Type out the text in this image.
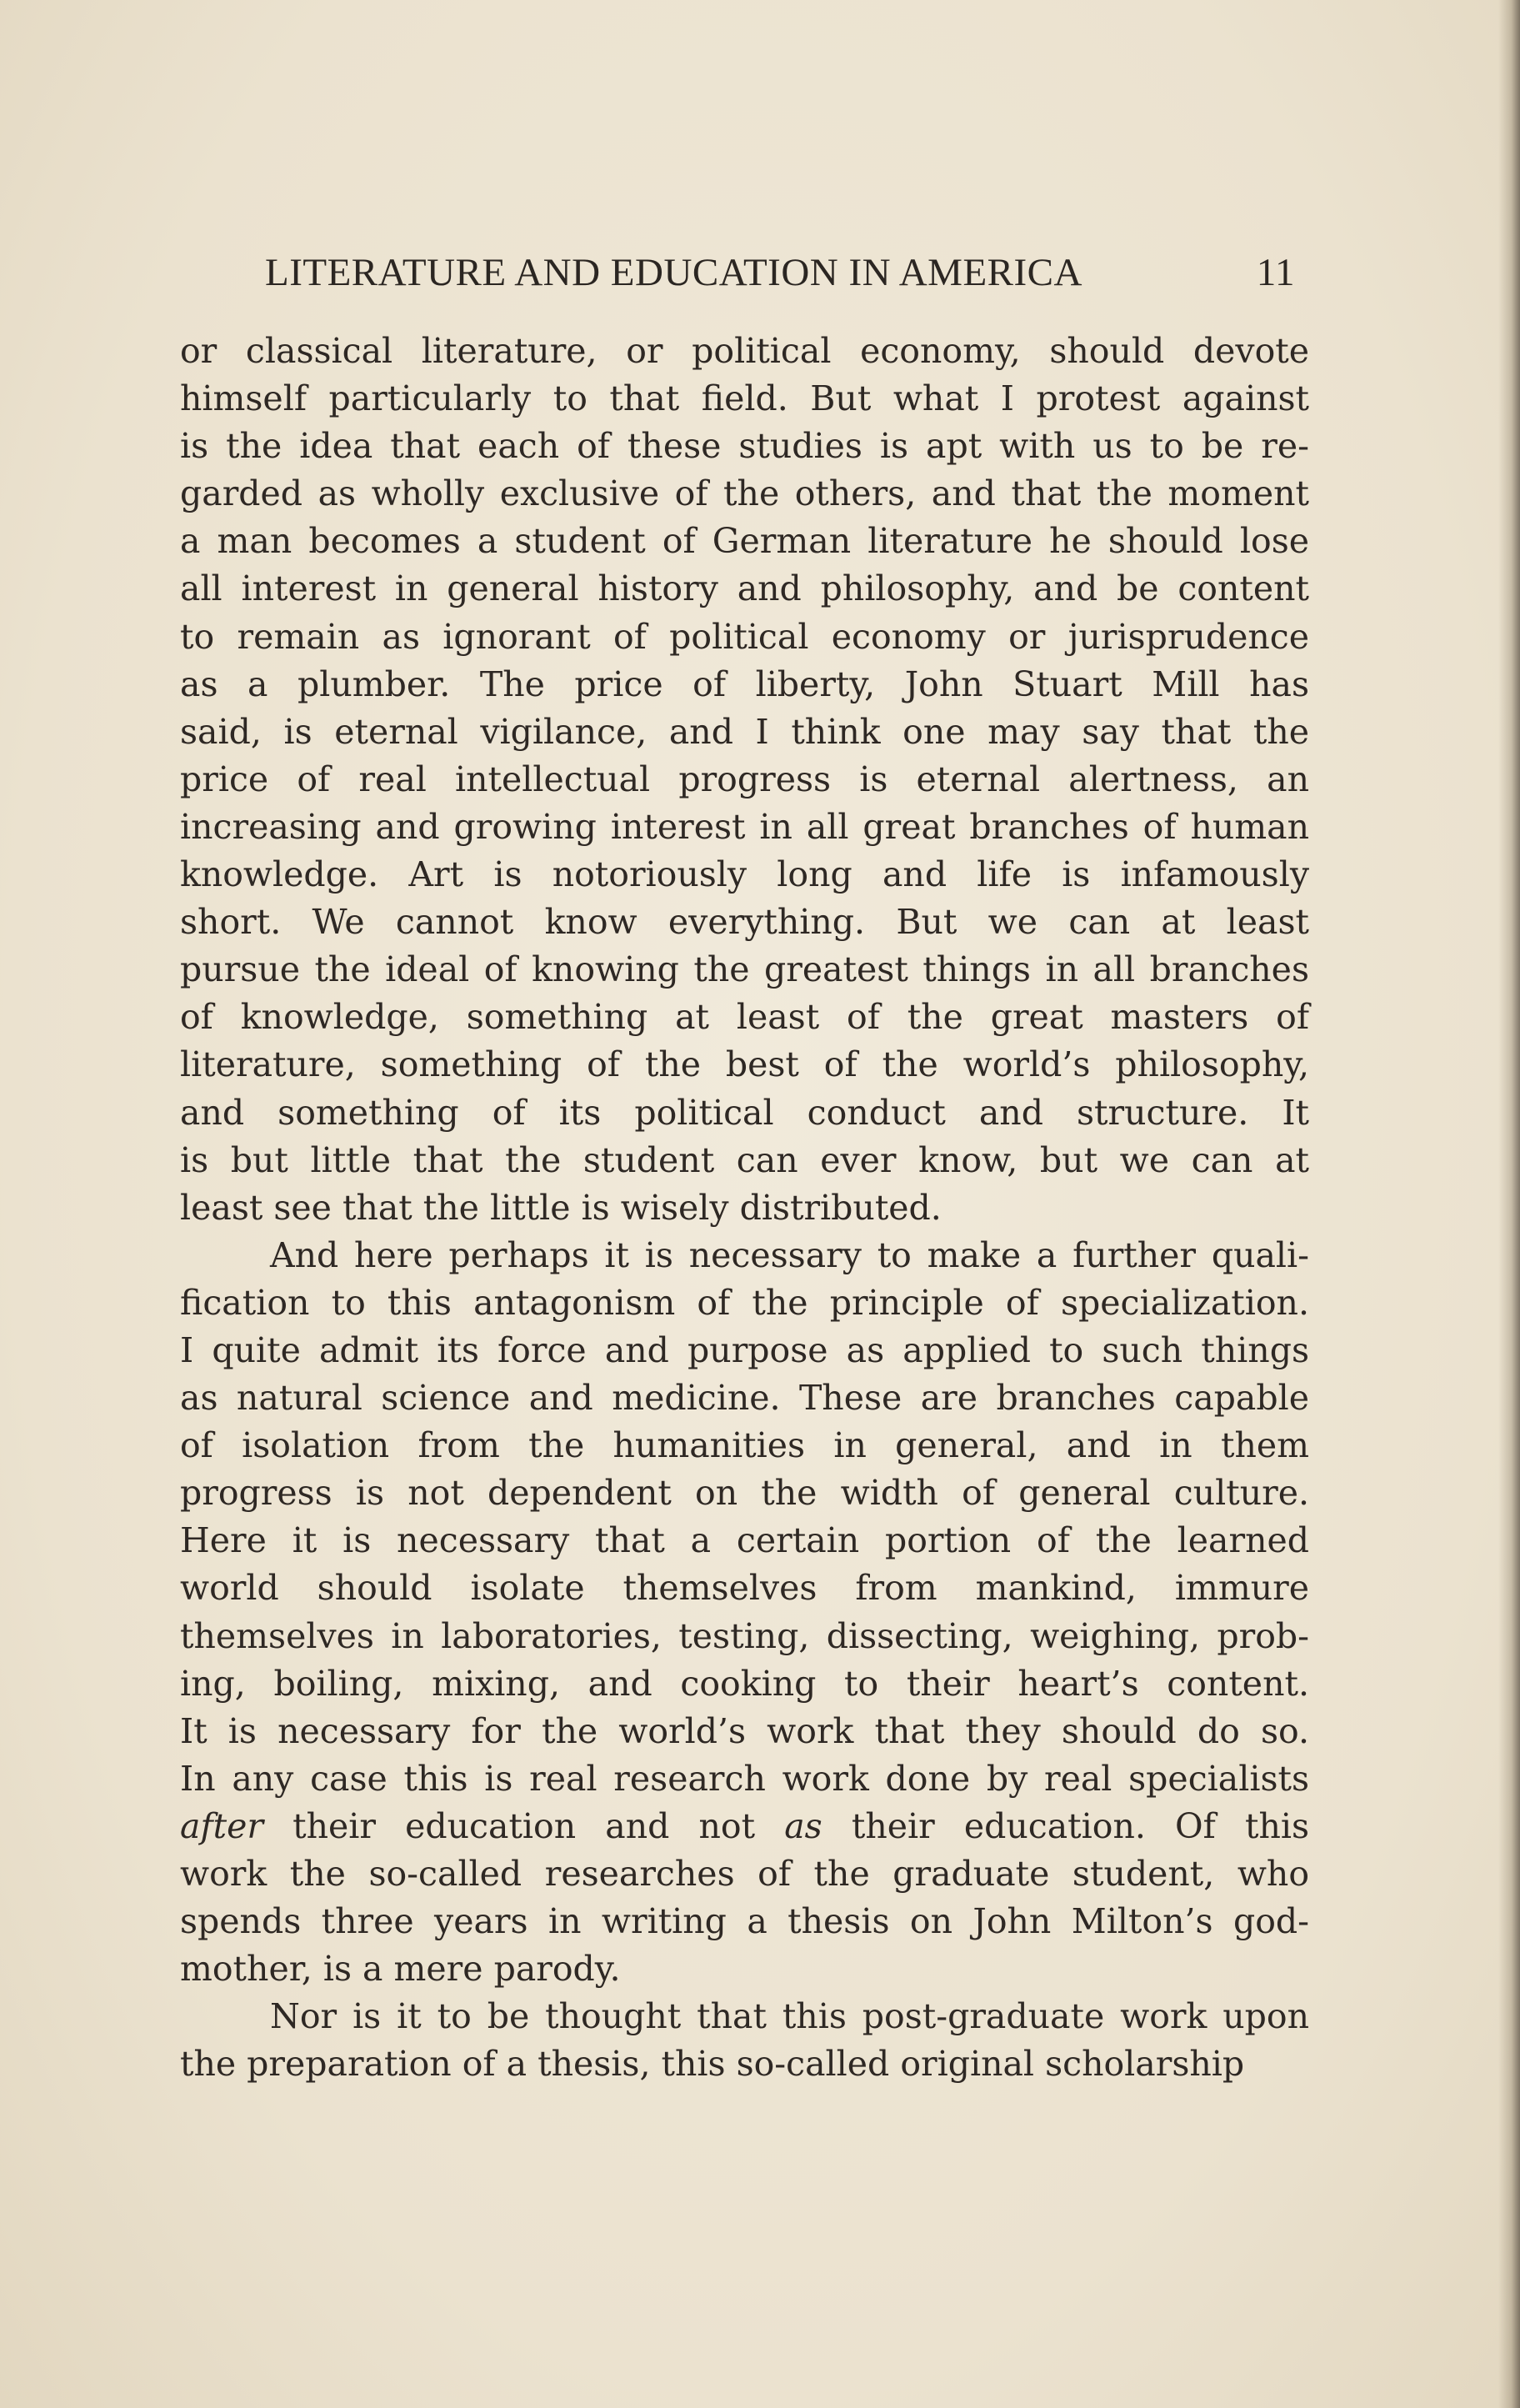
LITERATURE AND EDUCATION IN AMERICA	11
or classical literature, or political economy, should devote
himself particularly to that field. But what I protest against
is the idea that each of these studies is apt with us to be re-
garded as wholly exclusive of the others, and that the moment
a man becomes a student of German literature he should lose
all interest in general history and philosophy, and be content
to remain as ignorant of political economy or jurisprudence
as a plumber. The price of liberty, John Stuart Mill has
said, is eternal vigilance, and I think one may say that the
price of real intellectual progress is eternal alertness, an
increasing and growing interest in all great branches of human
knowledge. Art is notoriously long and life is infamously
short. We cannot know everything. But we can at least
pursue the ideal of knowing the greatest things in all branches
of knowledge, something at least of the great masters of
literature, something of the best of the world’s philosophy,
and something of its political conduct and structure. It
is but little that the student can ever know, but we can at
least see that the little is wisely distributed.
And here perhaps it is necessary to make a further quali-
fication to this antagonism of the principle of specialization.
I quite admit its force and purpose as applied to such things
as natural science and medicine. These are branches capable
of isolation from the humanities in general, and in them
progress is not dependent on the width of general culture.
Here it is necessary that a certain portion of the learned
world should isolate themselves from mankind, immure
themselves in laboratories, testing, dissecting, weighing, prob-
ing, boiling, mixing, and cooking to their heart’s content.
It is necessary for the world’s work that they should do so.
In any case this is real research work done by real specialists
after their education and not as their education. Of this
work the so-called researches of the graduate student, who
spends three years in writing a thesis on John Milton’s god-
mother, is a mere parody.
Nor is it to be thought that this post-graduate work upon
the preparation of a thesis, this so-called original scholarship
